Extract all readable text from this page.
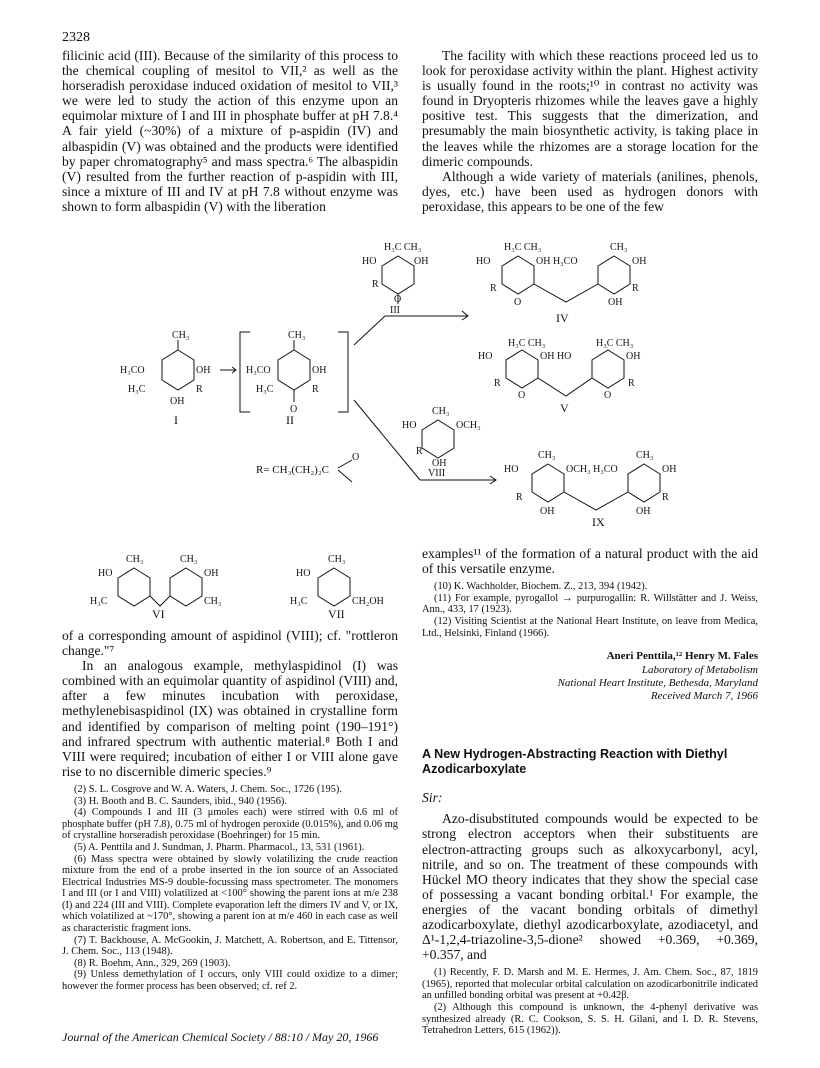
2328

filicinic acid (III). Because of the similarity of this process to the chemical coupling of mesitol to VII,² as well as the horseradish peroxidase induced oxidation of mesitol to VII,³ we were led to study the action of this enzyme upon an equimolar mixture of I and III in phosphate buffer at pH 7.8.⁴ A fair yield (~30%) of a mixture of p-aspidin (IV) and albaspidin (V) was obtained and the products were identified by paper chromatography⁵ and mass spectra.⁶ The albaspidin (V) resulted from the further reaction of p-aspidin with III, since a mixture of III and IV at pH 7.8 without enzyme was shown to form albaspidin (V) with the liberation

The facility with which these reactions proceed led us to look for peroxidase activity within the plant. Highest activity is usually found in the roots;¹⁰ in contrast no activity was found in Dryopteris rhizomes while the leaves gave a highly positive test. This suggests that the dimerization, and presumably the main biosynthetic activity, is taking place in the leaves while the rhizomes are a storage location for the dimeric compounds.

Although a wide variety of materials (anilines, phenols, dyes, etc.) have been used as hydrogen donors with peroxidase, this appears to be one of the few

CH₃
H₃CO	OH
H₃C	R
OH
I
CH₃
H₃CO	OH
H₃C	R
O
II
H₃C CH₃
HO	OH
R
O
III
H₃C CH₃
HO	OH H₃CO
CH₃
OH
R	R
O	OH
IV
H₃C CH₃	H₃C CH₃
HO	OH HO	OH
R	R
O	O
V
CH₃
HO	OCH₃
R
OH
VIII
CH₃	CH₃
HO	OCH₃ H₃CO	OH
R	R
OH	OH
IX
R= CH₃(CH₂)₂C
O
CH₃	CH₃
HO	OH
H₃C	CH₃
VI
CH₃
HO
H₃C	CH₂OH
VII

of a corresponding amount of aspidinol (VIII); cf. "rottleron change."⁷

In an analogous example, methylaspidinol (I) was combined with an equimolar quantity of aspidinol (VIII) and, after a few minutes incubation with peroxidase, methylenebisaspidinol (IX) was obtained in crystalline form and identified by comparison of melting point (190–191°) and infrared spectrum with authentic material.⁸ Both I and VIII were required; incubation of either I or VIII alone gave rise to no discernible dimeric species.⁹

(2) S. L. Cosgrove and W. A. Waters, J. Chem. Soc., 1726 (195).

(3) H. Booth and B. C. Saunders, ibid., 940 (1956).

(4) Compounds I and III (3 μmoles each) were stirred with 0.6 ml of phosphate buffer (pH 7.8), 0.75 ml of hydrogen peroxide (0.015%), and 0.06 mg of crystalline horseradish peroxidase (Boehringer) for 15 min.

(5) A. Penttila and J. Sundman, J. Pharm. Pharmacol., 13, 531 (1961).

(6) Mass spectra were obtained by slowly volatilizing the crude reaction mixture from the end of a probe inserted in the ion source of an Associated Electrical Industries MS-9 double-focussing mass spectrometer. The monomers I and III (or I and VIII) volatilized at <100° showing the parent ions at m/e 238 (I) and 224 (III and VIII). Complete evaporation left the dimers IV and V, or IX, which volatilized at ~170°, showing a parent ion at m/e 460 in each case as well as characteristic fragment ions.

(7) T. Backhouse, A. McGookin, J. Matchett, A. Robertson, and E. Tittensor, J. Chem. Soc., 113 (1948).

(8) R. Boehm, Ann., 329, 269 (1903).

(9) Unless demethylation of I occurs, only VIII could oxidize to a dimer; however the former process has been observed; cf. ref 2.

examples¹¹ of the formation of a natural product with the aid of this versatile enzyme.

(10) K. Wachholder, Biochem. Z., 213, 394 (1942).

(11) For example, pyrogallol → purpurogallin: R. Willstätter and J. Weiss, Ann., 433, 17 (1923).

(12) Visiting Scientist at the National Heart Institute, on leave from Medica, Ltd., Helsinki, Finland (1966).

Aneri Penttila,¹² Henry M. Fales
Laboratory of Metabolism
National Heart Institute, Bethesda, Maryland
Received March 7, 1966
A New Hydrogen-Abstracting Reaction with Diethyl Azodicarboxylate
Sir:

Azo-disubstituted compounds would be expected to be strong electron acceptors when their substituents are electron-attracting groups such as alkoxycarbonyl, acyl, nitrile, and so on. The treatment of these compounds with Hückel MO theory indicates that they show the special case of possessing a vacant bonding orbital.¹ For example, the energies of the vacant bonding orbitals of dimethyl azodicarboxylate, diethyl azodicarboxylate, azodiacetyl, and Δ¹-1,2,4-triazoline-3,5-dione² showed +0.369, +0.369, +0.357, and

(1) Recently, F. D. Marsh and M. E. Hermes, J. Am. Chem. Soc., 87, 1819 (1965), reported that molecular orbital calculation on azodicarbonitrile indicated an unfilled bonding orbital was present at +0.42β.

(2) Although this compound is unknown, the 4-phenyl derivative was synthesized already (R. C. Cookson, S. S. H. Gilani, and I. D. R. Stevens, Tetrahedron Letters, 615 (1962)).

Journal of the American Chemical Society / 88:10 / May 20, 1966
